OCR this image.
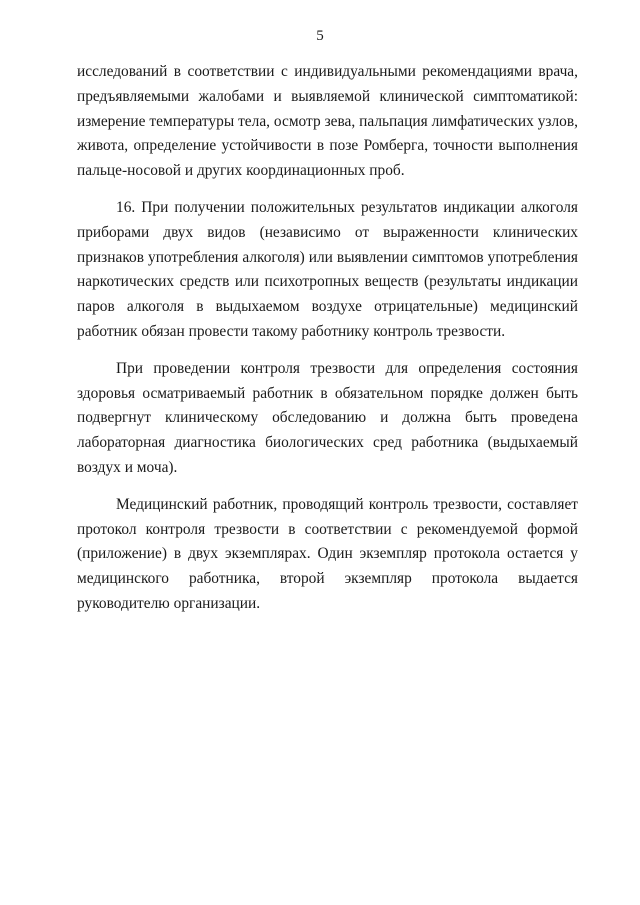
5

исследований в соответствии с индивидуальными рекомендациями врача, предъявляемыми жалобами и выявляемой клинической симптоматикой: измерение температуры тела, осмотр зева, пальпация лимфатических узлов, живота, определение устойчивости в позе Ромберга, точности выполнения пальце-носовой и других координационных проб.

16. При получении положительных результатов индикации алкоголя приборами двух видов (независимо от выраженности клинических признаков употребления алкоголя) или выявлении симптомов употребления наркотических средств или психотропных веществ (результаты индикации паров алкоголя в выдыхаемом воздухе отрицательные) медицинский работник обязан провести такому работнику контроль трезвости.

При проведении контроля трезвости для определения состояния здоровья осматриваемый работник в обязательном порядке должен быть подвергнут клиническому обследованию и должна быть проведена лабораторная диагностика биологических сред работника (выдыхаемый воздух и моча).

Медицинский работник, проводящий контроль трезвости, составляет протокол контроля трезвости в соответствии с рекомендуемой формой (приложение) в двух экземплярах. Один экземпляр протокола остается у медицинского работника, второй экземпляр протокола выдается руководителю организации.
